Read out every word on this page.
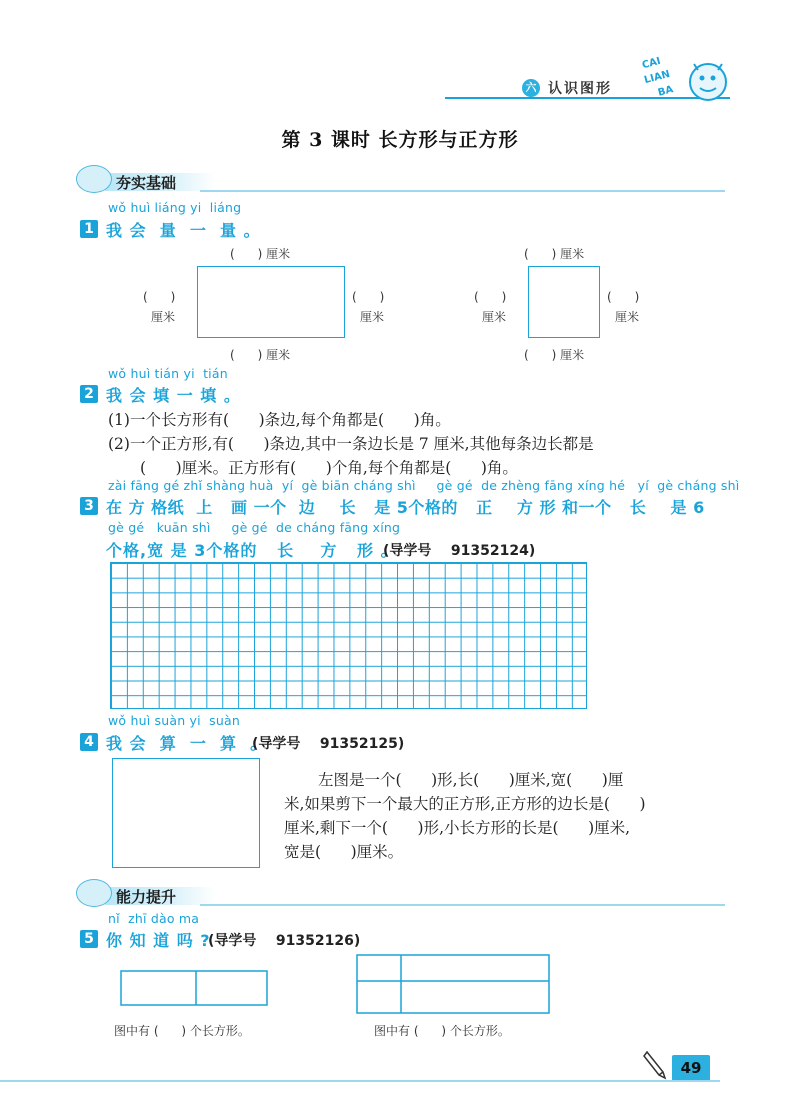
六 认识图形
CAI
LIAN
BA
第 3 课时 长方形与正方形
夯实基础
wǒ huì liáng yi  liáng
1 我 会  量  一  量 。
(      ) 厘米
(      )
厘米
(      )
厘米
(      ) 厘米
(      ) 厘米
(      )
厘米
(      )
厘米
(      ) 厘米
wǒ huì tián yi  tián
2 我 会 填 一 填 。
(1)一个长方形有(      )条边,每个角都是(      )角。
(2)一个正方形,有(      )条边,其中一条边长是 7 厘米,其他每条边长都是
(      )厘米。正方形有(      )个角,每个角都是(      )角。
zài fāng gé zhǐ shàng huà  yí  gè biān cháng shì     gè gé  de zhèng fāng xíng hé   yí  gè cháng shì
3 在 方 格纸  上   画 一个  边    长   是 5个格的   正    方 形 和一个   长    是 6
gè gé   kuān shì     gè gé  de cháng fāng xíng
个格,宽 是 3个格的   长    方   形 。
(导学号    91352124)
wǒ huì suàn yi  suàn
4 我 会  算  一  算  。
(导学号    91352125)
左图是一个(      )形,长(      )厘米,宽(      )厘
米,如果剪下一个最大的正方形,正方形的边长是(      )
厘米,剩下一个(      )形,小长方形的长是(      )厘米,
宽是(      )厘米。
能力提升
nǐ  zhī dào ma
5 你 知 道 吗 ?
(导学号    91352126)
图中有 (      ) 个长方形。	图中有 (      ) 个长方形。
49
